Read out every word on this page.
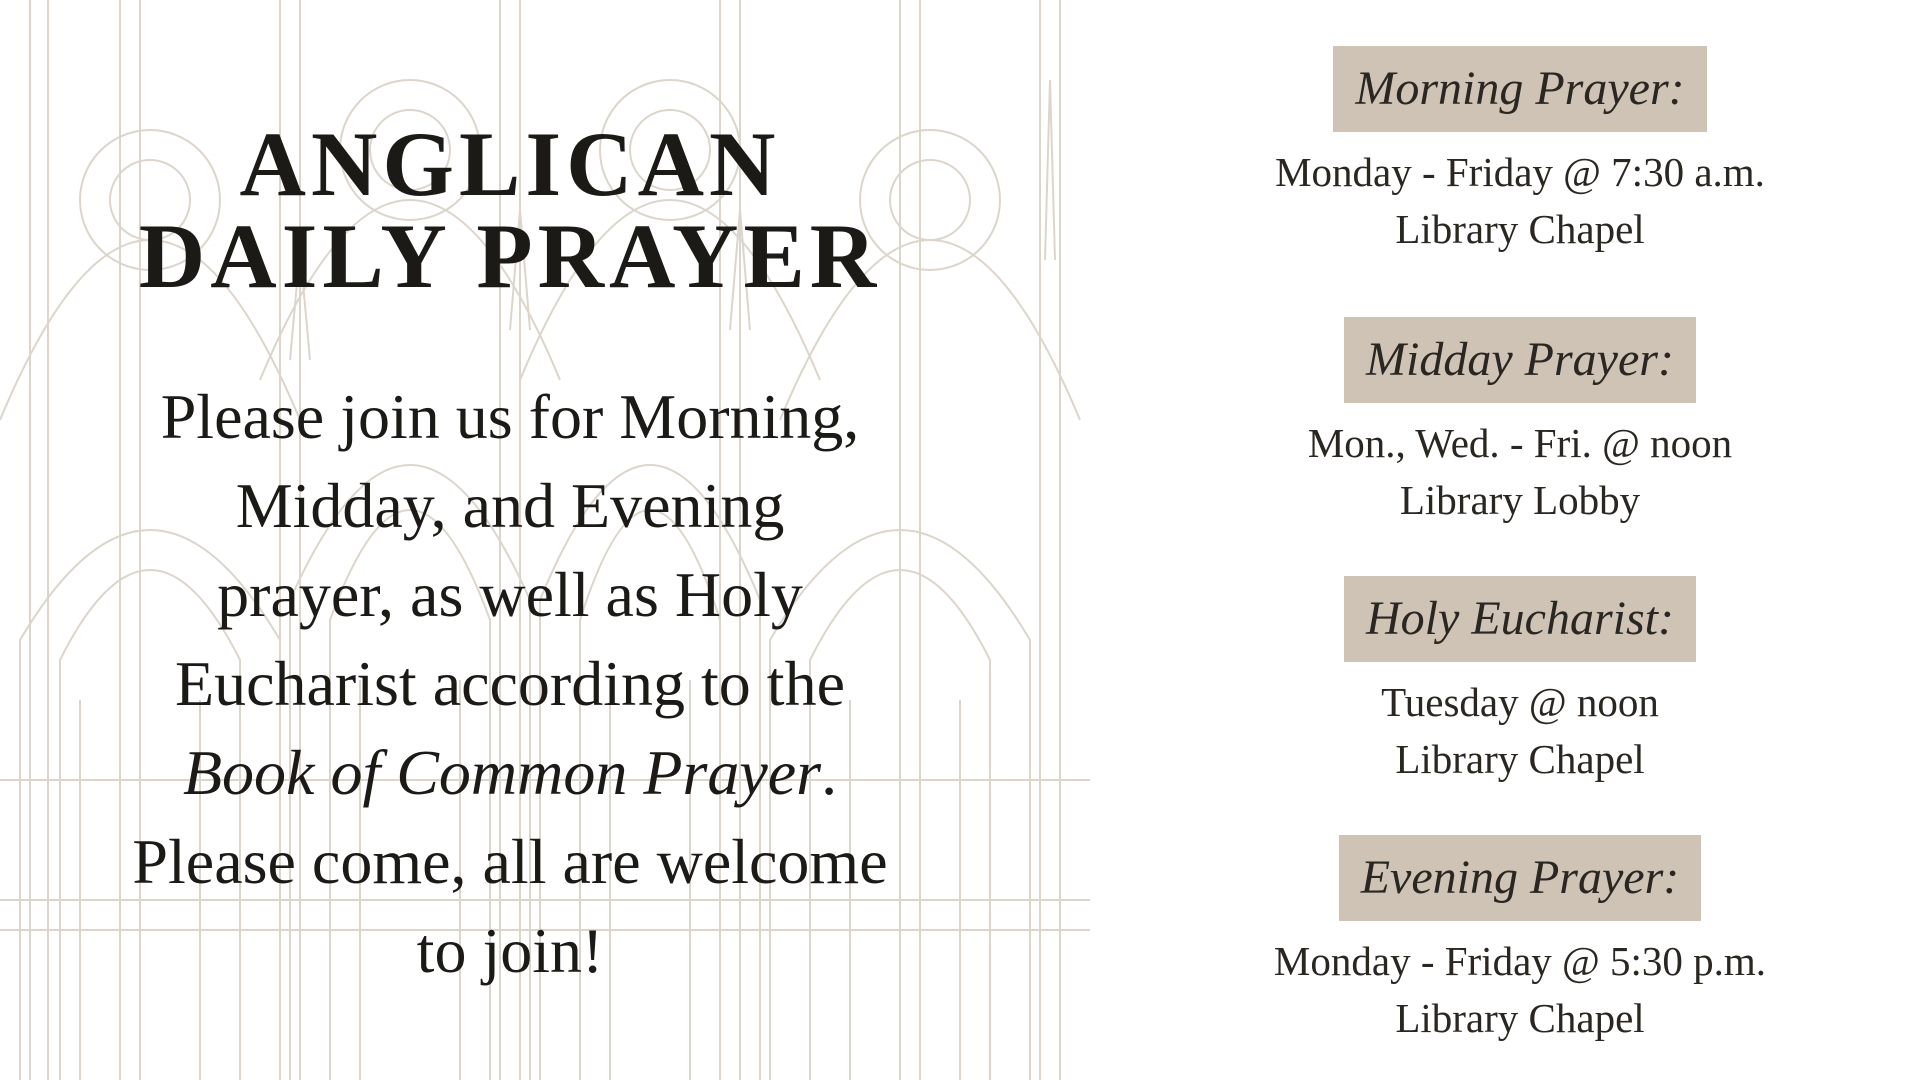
ANGLICAN
DAILY PRAYER
Please join us for Morning,
Midday, and Evening
prayer, as well as Holy
Eucharist according to the
Book of Common Prayer.
Please come, all are welcome
to join!
Morning Prayer:
Monday - Friday @ 7:30 a.m.
Library Chapel
Midday Prayer:
Mon., Wed. - Fri. @ noon
Library Lobby
Holy Eucharist:
Tuesday @ noon
Library Chapel
Evening Prayer:
Monday - Friday @ 5:30 p.m.
Library Chapel
